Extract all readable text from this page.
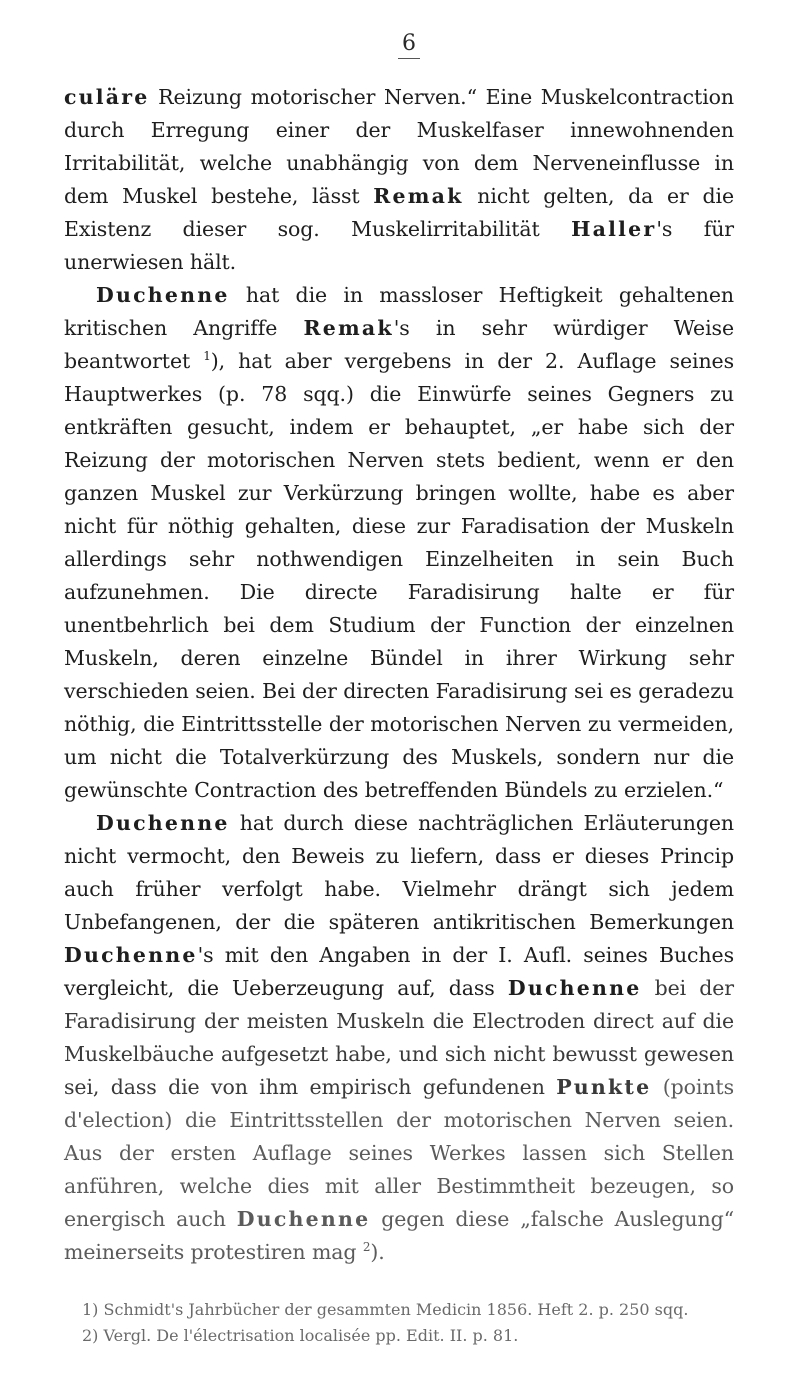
6

culäre Reizung motorischer Nerven.“ Eine Muskelcontraction durch Erregung einer der Muskelfaser innewohnenden Irritabilität, welche unabhängig von dem Nerveneinflusse in dem Muskel bestehe, lässt Remak nicht gelten, da er die Existenz dieser sog. Muskelirritabilität Haller's für unerwiesen hält.

Duchenne hat die in massloser Heftigkeit gehaltenen kritischen Angriffe Remak's in sehr würdiger Weise beantwortet $^1$), hat aber vergebens in der 2. Auflage seines Hauptwerkes (p. 78 sqq.) die Einwürfe seines Gegners zu entkräften gesucht, indem er behauptet, „er habe sich der Reizung der motorischen Nerven stets bedient, wenn er den ganzen Muskel zur Verkürzung bringen wollte, habe es aber nicht für nöthig gehalten, diese zur Faradisation der Muskeln allerdings sehr nothwendigen Einzelheiten in sein Buch aufzunehmen. Die directe Faradisirung halte er für unentbehrlich bei dem Studium der Function der einzelnen Muskeln, deren einzelne Bündel in ihrer Wirkung sehr verschieden seien. Bei der directen Faradisirung sei es geradezu nöthig, die Eintrittsstelle der motorischen Nerven zu vermeiden, um nicht die Totalverkürzung des Muskels, sondern nur die gewünschte Contraction des betreffenden Bündels zu erzielen.“

Duchenne hat durch diese nachträglichen Erläuterungen nicht vermocht, den Beweis zu liefern, dass er dieses Princip auch früher verfolgt habe. Vielmehr drängt sich jedem Unbefangenen, der die späteren antikritischen Bemerkungen Duchenne's mit den Angaben in der I. Aufl. seines Buches vergleicht, die Ueberzeugung auf, dass Duchenne bei der Faradisirung der meisten Muskeln die Electroden direct auf die Muskelbäuche aufgesetzt habe, und sich nicht bewusst gewesen sei, dass die von ihm empirisch gefundenen Punkte (points d'election) die Eintrittsstellen der motorischen Nerven seien. Aus der ersten Auflage seines Werkes lassen sich Stellen anführen, welche dies mit aller Bestimmtheit bezeugen, so energisch auch Duchenne gegen diese „falsche Auslegung“ meinerseits protestiren mag $^2$).

1) Schmidt's Jahrbücher der gesammten Medicin 1856. Heft 2. p. 250 sqq.

2) Vergl. De l'électrisation localisée pp. Edit. II. p. 81.
